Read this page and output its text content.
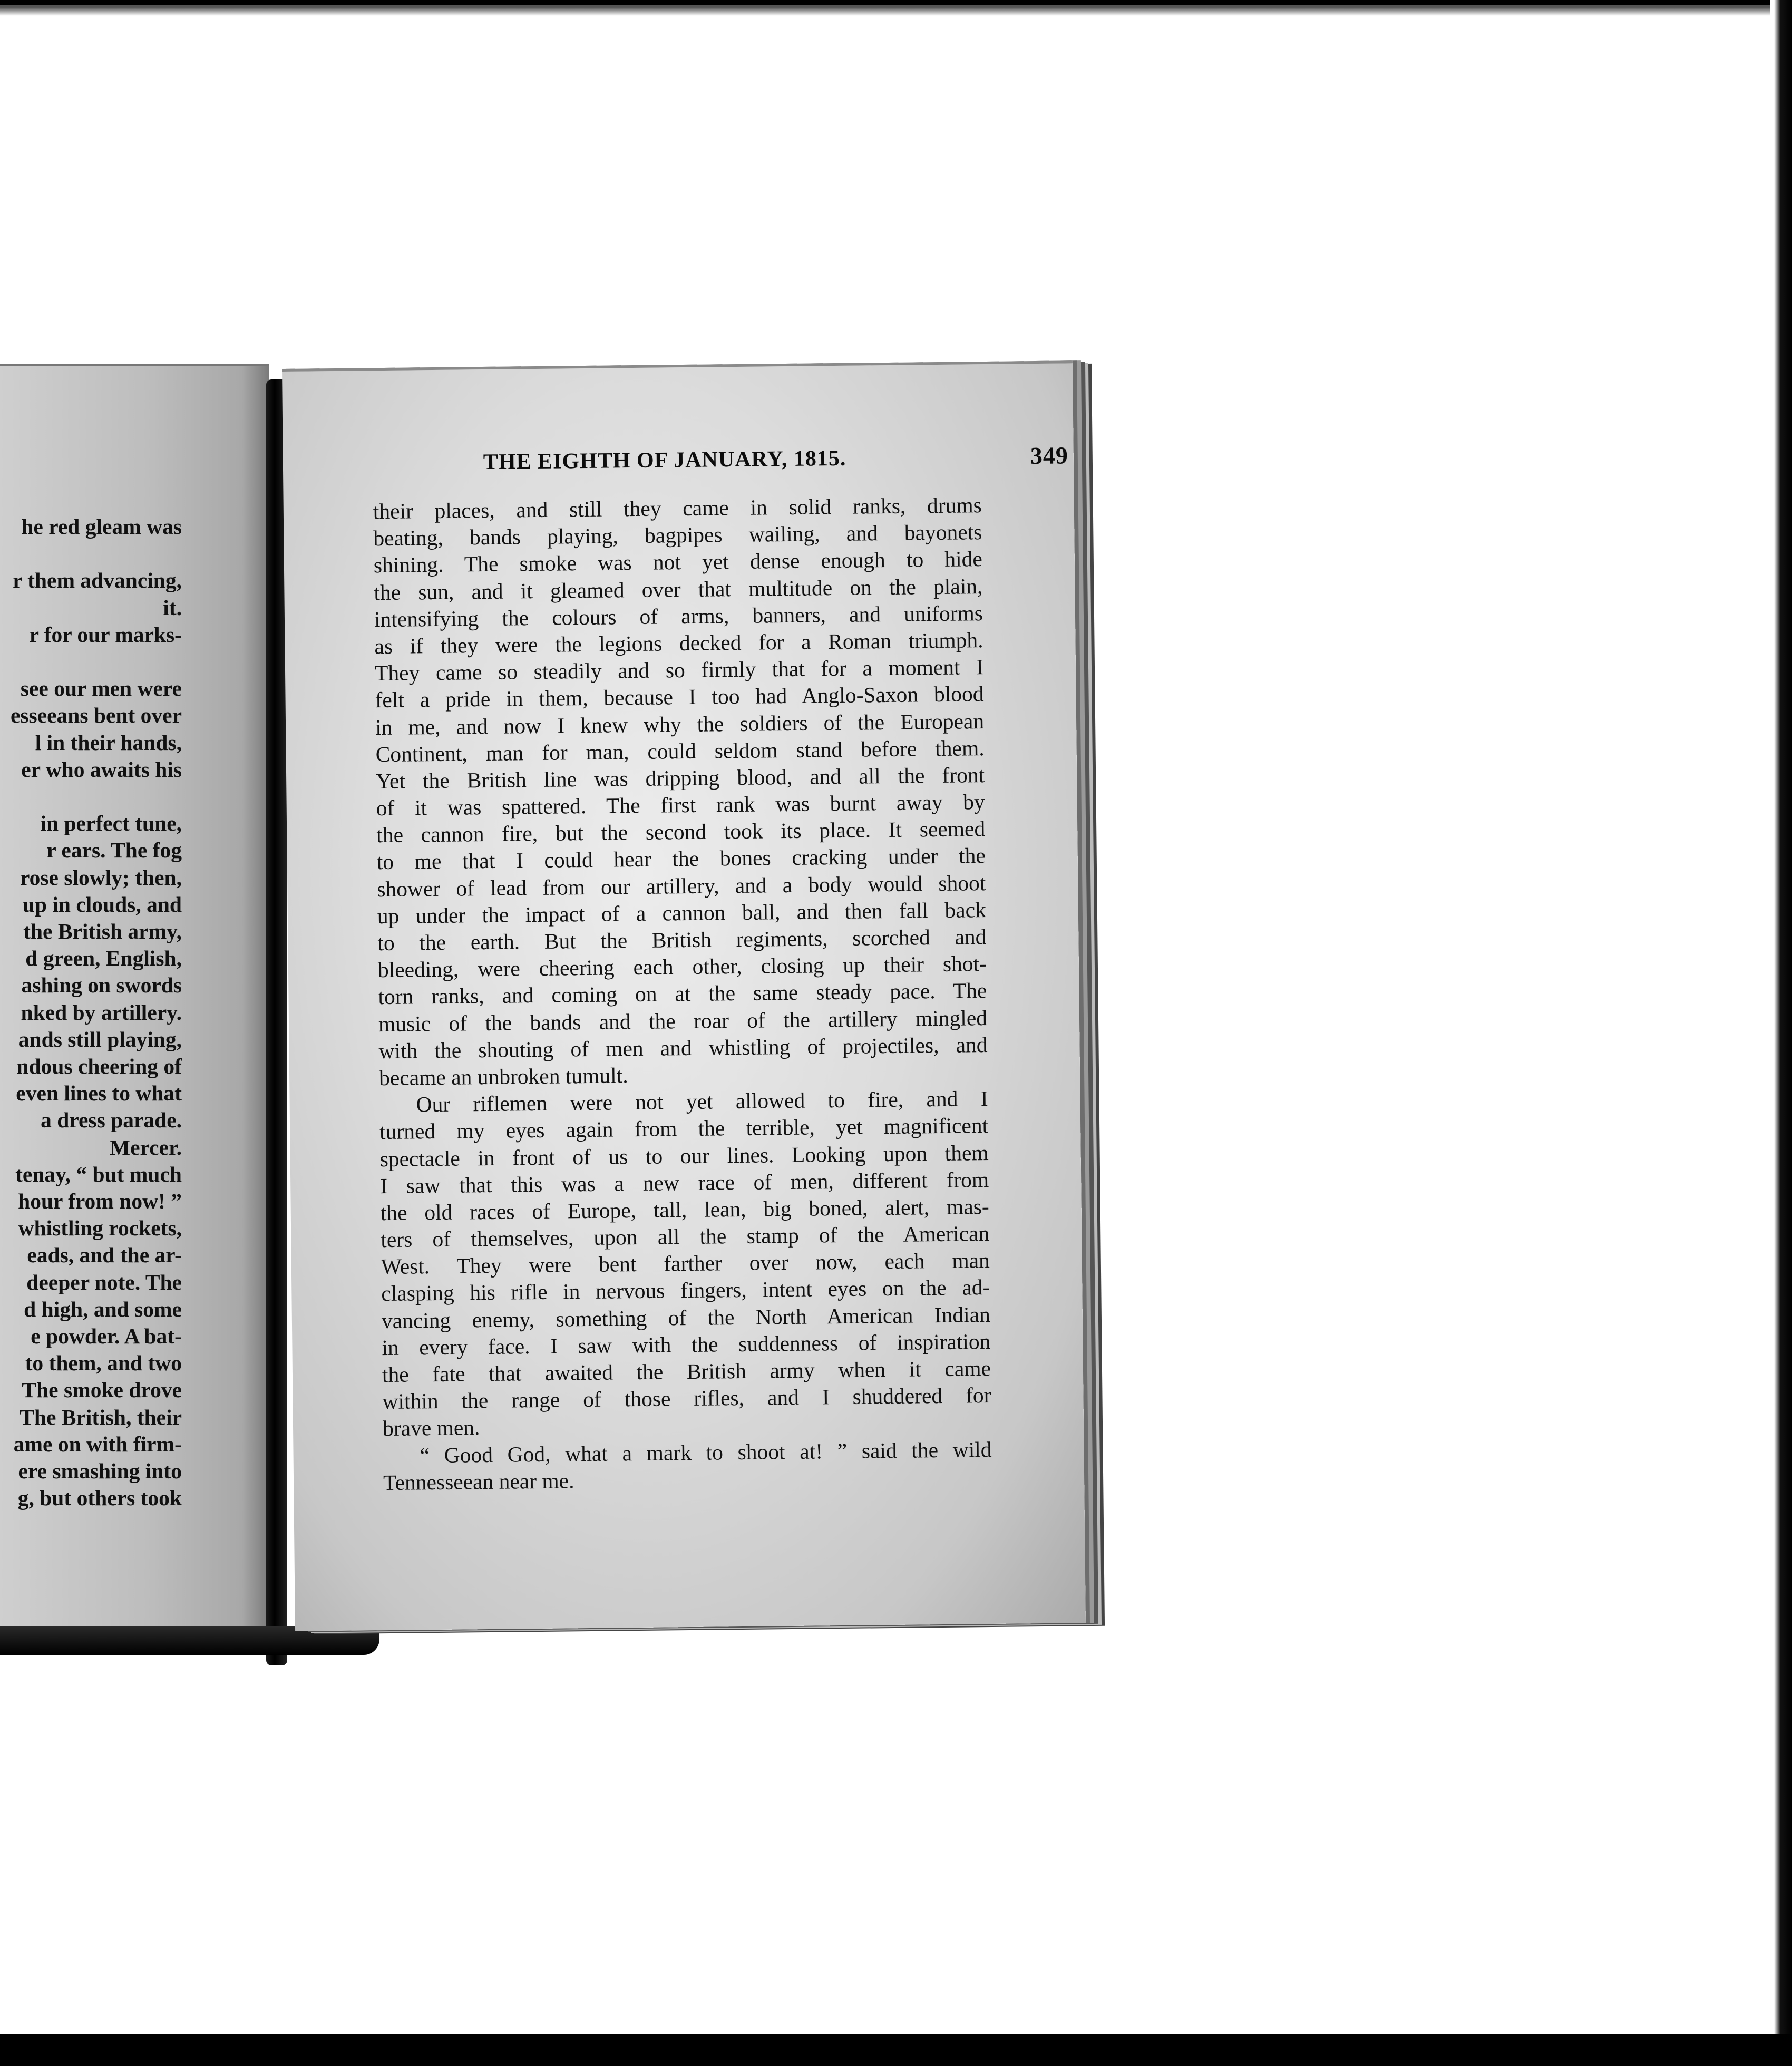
he red gleam was
r them advancing,
it.
r for our marks-
see our men were
esseeans bent over
l in their hands,
er who awaits his
in perfect tune,
r ears. The fog
rose slowly; then,
up in clouds, and
the British army,
d green, English,
ashing on swords
nked by artillery.
ands still playing,
ndous cheering of
even lines to what
a dress parade.
Mercer.
tenay, “ but much
hour from now! ”
whistling rockets,
eads, and the ar-
deeper note. The
d high, and some
e powder. A bat-
to them, and two
The smoke drove
The British, their
ame on with firm-
ere smashing into
g, but others took
THE EIGHTH OF JANUARY, 1815.	349
their places, and still they came in solid ranks, drums
beating, bands playing, bagpipes wailing, and bayonets
shining. The smoke was not yet dense enough to hide
the sun, and it gleamed over that multitude on the plain,
intensifying the colours of arms, banners, and uniforms
as if they were the legions decked for a Roman triumph.
They came so steadily and so firmly that for a moment I
felt a pride in them, because I too had Anglo-Saxon blood
in me, and now I knew why the soldiers of the European
Continent, man for man, could seldom stand before them.
Yet the British line was dripping blood, and all the front
of it was spattered. The first rank was burnt away by
the cannon fire, but the second took its place. It seemed
to me that I could hear the bones cracking under the
shower of lead from our artillery, and a body would shoot
up under the impact of a cannon ball, and then fall back
to the earth. But the British regiments, scorched and
bleeding, were cheering each other, closing up their shot-
torn ranks, and coming on at the same steady pace. The
music of the bands and the roar of the artillery mingled
with the shouting of men and whistling of projectiles, and
became an unbroken tumult.
Our riflemen were not yet allowed to fire, and I
turned my eyes again from the terrible, yet magnificent
spectacle in front of us to our lines. Looking upon them
I saw that this was a new race of men, different from
the old races of Europe, tall, lean, big boned, alert, mas-
ters of themselves, upon all the stamp of the American
West. They were bent farther over now, each man
clasping his rifle in nervous fingers, intent eyes on the ad-
vancing enemy, something of the North American Indian
in every face. I saw with the suddenness of inspiration
the fate that awaited the British army when it came
within the range of those rifles, and I shuddered for
brave men.
“ Good God, what a mark to shoot at! ” said the wild
Tennesseean near me.
